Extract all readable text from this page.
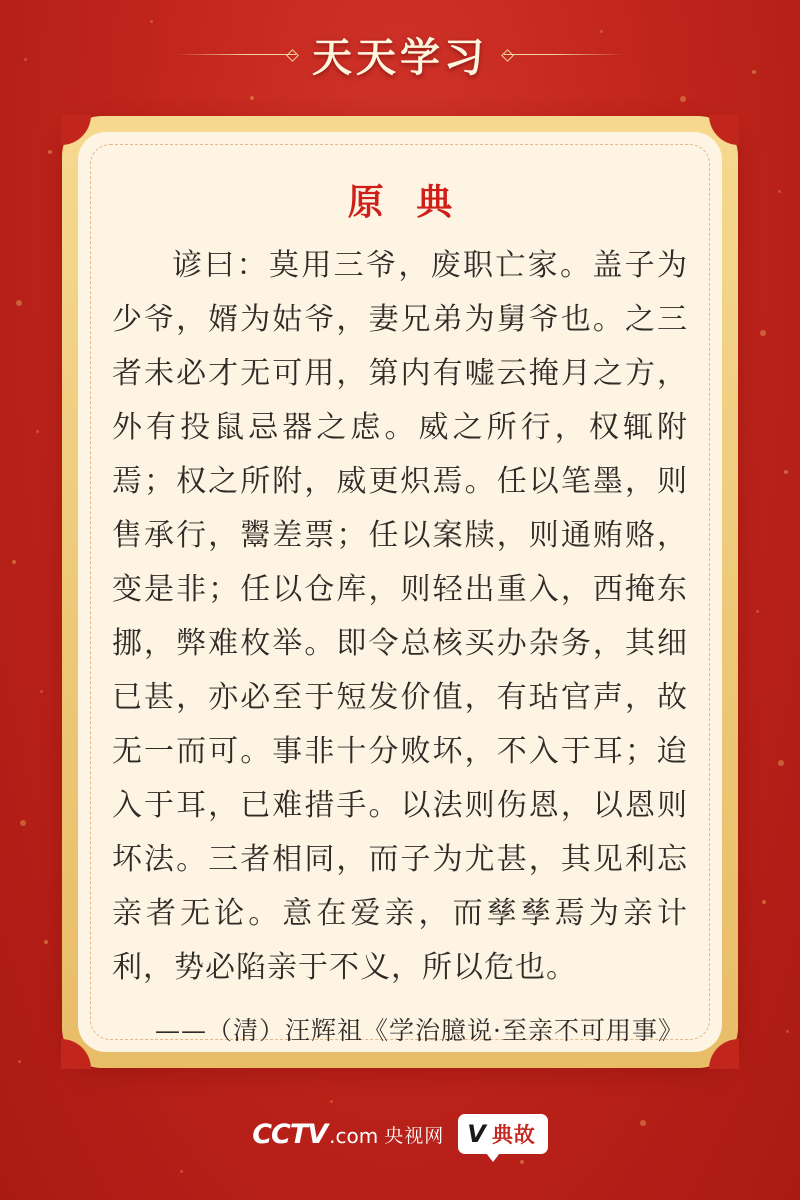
天天学习
原 典
谚曰：莫用三爷，废职亡家。盖子为少爷，婿为姑爷，妻兄弟为舅爷也。之三者未必才无可用，第内有嘘云掩月之方，外有投鼠忌器之虑。威之所行，权辄附焉；权之所附，威更炽焉。任以笔墨，则售承行，鬻差票；任以案牍，则通贿赂，变是非；任以仓库，则轻出重入，西掩东挪，弊难枚举。即令总核买办杂务，其细已甚，亦必至于短发价值，有玷官声，故无一而可。事非十分败坏，不入于耳；迨入于耳，已难措手。以法则伤恩，以恩则坏法。三者相同，而子为尤甚，其见利忘亲者无论。意在爱亲，而孳孳焉为亲计利，势必陷亲于不义，所以危也。
——（清）汪辉祖《学治臆说·至亲不可用事》
CCTV .com 央视网 V 典故
